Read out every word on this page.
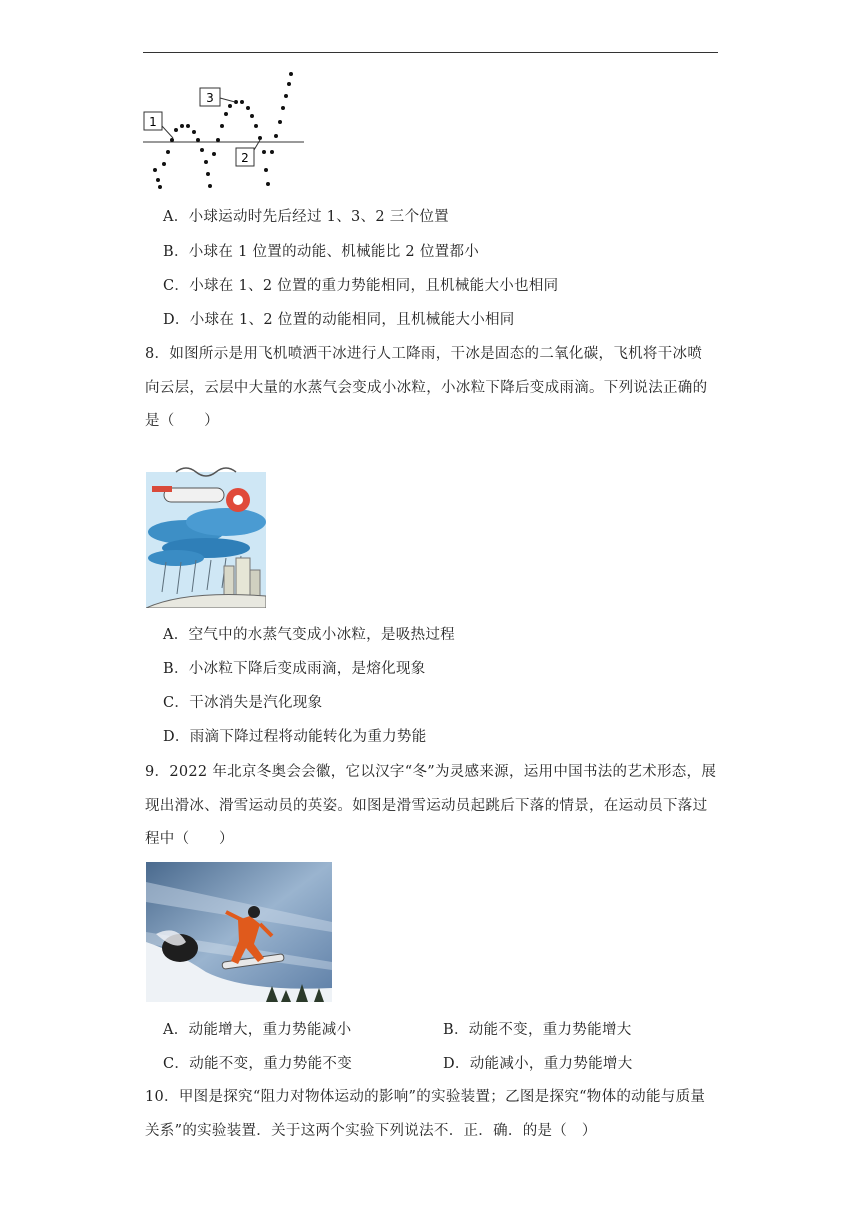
1
3
2
A．小球运动时先后经过 1、3、2 三个位置
B．小球在 1 位置的动能、机械能比 2 位置都小
C．小球在 1、2 位置的重力势能相同，且机械能大小也相同
D．小球在 1、2 位置的动能相同，且机械能大小相同
8．如图所示是用飞机喷洒干冰进行人工降雨，干冰是固态的二氧化碳，飞机将干冰喷
向云层，云层中大量的水蒸气会变成小冰粒，小冰粒下降后变成雨滴。下列说法正确的
是（　　）
A．空气中的水蒸气变成小冰粒，是吸热过程
B．小冰粒下降后变成雨滴，是熔化现象
C．干冰消失是汽化现象
D．雨滴下降过程将动能转化为重力势能
9．2022 年北京冬奥会会徽，它以汉字“冬”为灵感来源，运用中国书法的艺术形态，展
现出滑冰、滑雪运动员的英姿。如图是滑雪运动员起跳后下落的情景，在运动员下落过
程中（　　）
A．动能增大，重力势能减小	B．动能不变，重力势能增大
C．动能不变，重力势能不变	D．动能减小，重力势能增大
10．甲图是探究“阻力对物体运动的影响”的实验装置；乙图是探究“物体的动能与质量
关系”的实验装置．关于这两个实验下列说法不．正．确．的是（　）
